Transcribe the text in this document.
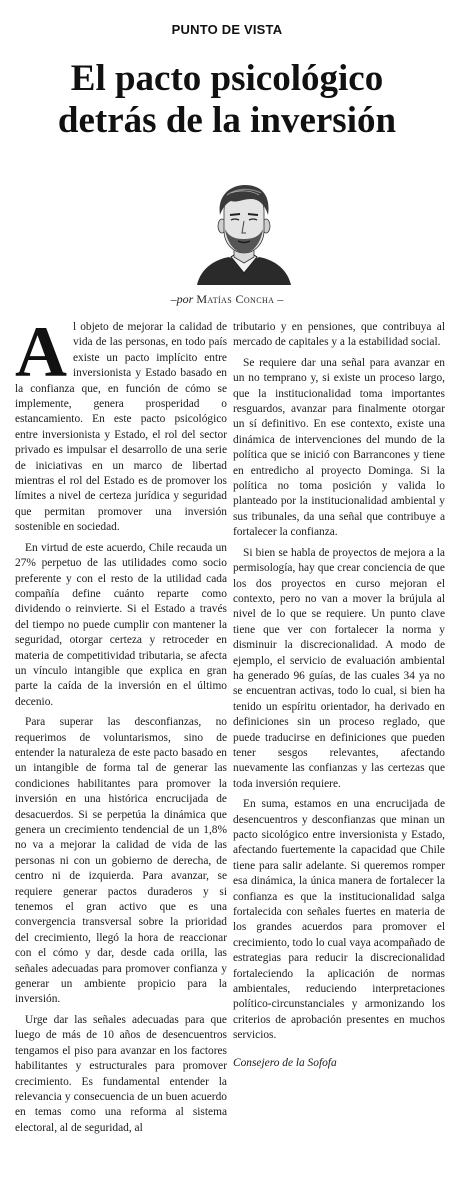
PUNTO DE VISTA
El pacto psicológico
detrás de la inversión
–por Matías Concha –

Al objeto de mejorar la calidad de vida de las personas, en todo país existe un pacto implícito entre inversionista y Estado basado en la confianza que, en función de cómo se implemente, genera prosperidad o estancamiento. En este pacto psicológico entre inversionista y Estado, el rol del sector privado es impulsar el desarrollo de una serie de iniciativas en un marco de libertad mientras el rol del Estado es de promover los límites a nivel de certeza jurídica y seguridad que permitan promover una inversión sostenible en sociedad.

En virtud de este acuerdo, Chile recauda un 27% perpetuo de las utilidades como socio preferente y con el resto de la utilidad cada compañía define cuánto reparte como dividendo o reinvierte. Si el Estado a través del tiempo no puede cumplir con mantener la seguridad, otorgar certeza y retroceder en materia de competitividad tributaria, se afecta un vínculo intangible que explica en gran parte la caída de la inversión en el último decenio.

Para superar las desconfianzas, no requerimos de voluntarismos, sino de entender la naturaleza de este pacto basado en un intangible de forma tal de generar las condiciones habilitantes para promover la inversión en una histórica encrucijada de desacuerdos. Si se perpetúa la dinámica que genera un crecimiento tendencial de un 1,8% no va a mejorar la calidad de vida de las personas ni con un gobierno de derecha, de centro ni de izquierda. Para avanzar, se requiere generar pactos duraderos y si tenemos el gran activo que es una convergencia transversal sobre la prioridad del crecimiento, llegó la hora de reaccionar con el cómo y dar, desde cada orilla, las señales adecuadas para promover confianza y generar un ambiente propicio para la inversión.

Urge dar las señales adecuadas para que luego de más de 10 años de desencuentros tengamos el piso para avanzar en los factores habilitantes y estructurales para promover crecimiento. Es fundamental entender la relevancia y consecuencia de un buen acuerdo en temas como una reforma al sistema electoral, al de seguridad, al

tributario y en pensiones, que contribuya al mercado de capitales y a la estabilidad social.

Se requiere dar una señal para avanzar en un no temprano y, si existe un proceso largo, que la institucionalidad toma importantes resguardos, avanzar para finalmente otorgar un sí definitivo. En ese contexto, existe una dinámica de intervenciones del mundo de la política que se inició con Barrancones y tiene en entredicho al proyecto Dominga. Si la política no toma posición y valida lo planteado por la institucionalidad ambiental y sus tribunales, da una señal que contribuye a fortalecer la confianza.

Si bien se habla de proyectos de mejora a la permisología, hay que crear conciencia de que los dos proyectos en curso mejoran el contexto, pero no van a mover la brújula al nivel de lo que se requiere. Un punto clave tiene que ver con fortalecer la norma y disminuir la discrecionalidad. A modo de ejemplo, el servicio de evaluación ambiental ha generado 96 guías, de las cuales 34 ya no se encuentran activas, todo lo cual, si bien ha tenido un espíritu orientador, ha derivado en definiciones sin un proceso reglado, que puede traducirse en definiciones que pueden tener sesgos relevantes, afectando nuevamente las confianzas y las certezas que toda inversión requiere.

En suma, estamos en una encrucijada de desencuentros y desconfianzas que minan un pacto sicológico entre inversionista y Estado, afectando fuertemente la capacidad que Chile tiene para salir adelante. Si queremos romper esa dinámica, la única manera de fortalecer la confianza es que la institucionalidad salga fortalecida con señales fuertes en materia de los grandes acuerdos para promover el crecimiento, todo lo cual vaya acompañado de estrategias para reducir la discrecionalidad fortaleciendo la aplicación de normas ambientales, reduciendo interpretaciones político-circunstanciales y armonizando los criterios de aprobación presentes en muchos servicios.

Consejero de la Sofofa
